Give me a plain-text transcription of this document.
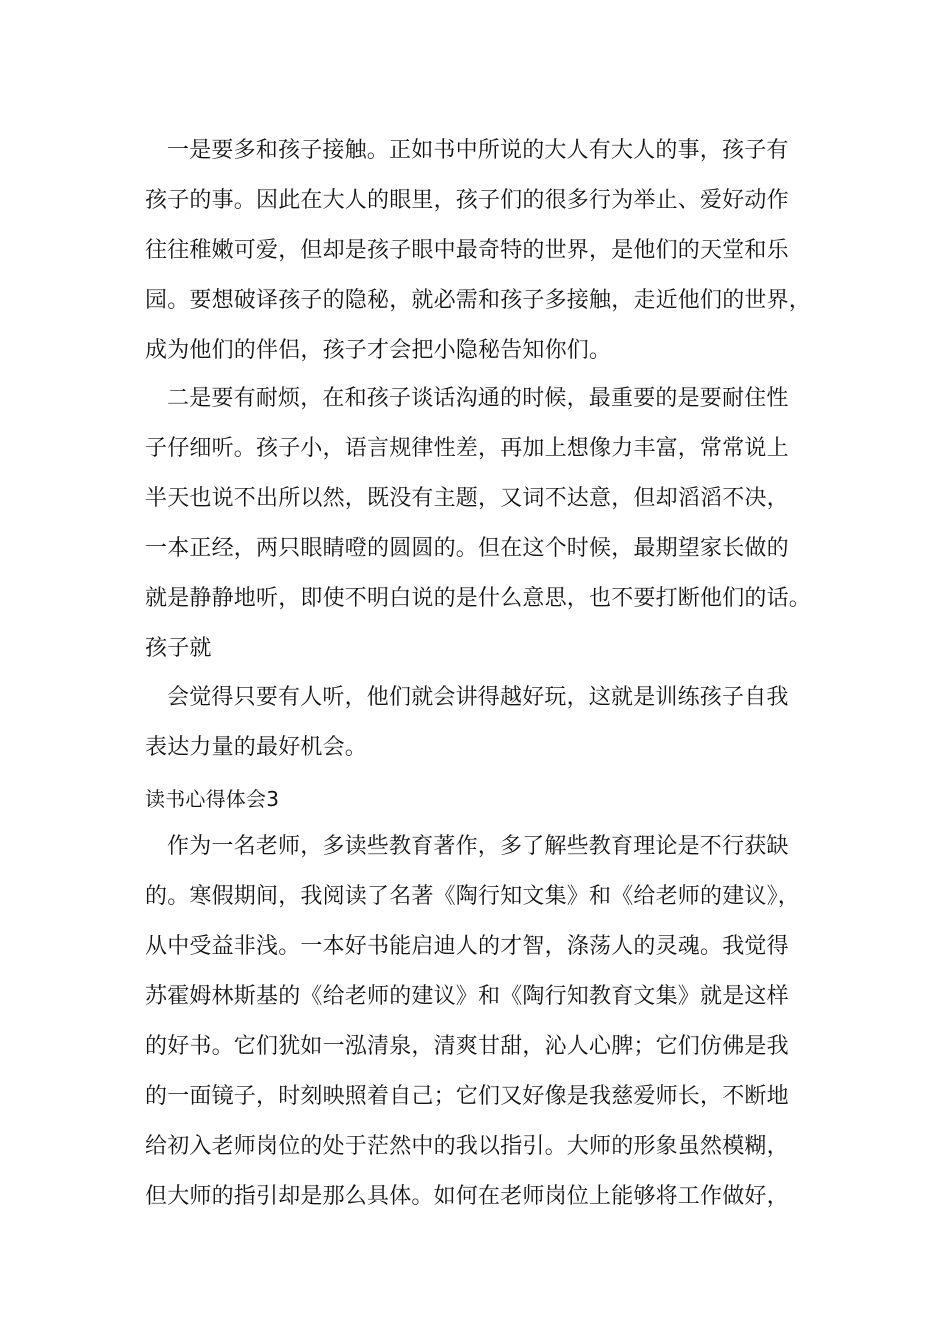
一是要多和孩子接触。正如书中所说的大人有大人的事，孩子有
孩子的事。因此在大人的眼里，孩子们的很多行为举止、爱好动作
往往稚嫩可爱，但却是孩子眼中最奇特的世界，是他们的天堂和乐
园。要想破译孩子的隐秘，就必需和孩子多接触，走近他们的世界，
成为他们的伴侣，孩子才会把小隐秘告知你们。
二是要有耐烦，在和孩子谈话沟通的时候，最重要的是要耐住性
子仔细听。孩子小，语言规律性差，再加上想像力丰富，常常说上
半天也说不出所以然，既没有主题，又词不达意，但却滔滔不决，
一本正经，两只眼睛噔的圆圆的。但在这个时候，最期望家长做的
就是静静地听，即使不明白说的是什么意思，也不要打断他们的话。
孩子就
会觉得只要有人听，他们就会讲得越好玩，这就是训练孩子自我
表达力量的最好机会。
读书心得体会3
作为一名老师，多读些教育著作，多了解些教育理论是不行获缺
的。寒假期间，我阅读了名著《陶行知文集》和《给老师的建议》，
从中受益非浅。一本好书能启迪人的才智，涤荡人的灵魂。我觉得
苏霍姆林斯基的《给老师的建议》和《陶行知教育文集》就是这样
的好书。它们犹如一泓清泉，清爽甘甜，沁人心脾；它们仿佛是我
的一面镜子，时刻映照着自己；它们又好像是我慈爱师长，不断地
给初入老师岗位的处于茫然中的我以指引。大师的形象虽然模糊，
但大师的指引却是那么具体。如何在老师岗位上能够将工作做好，
